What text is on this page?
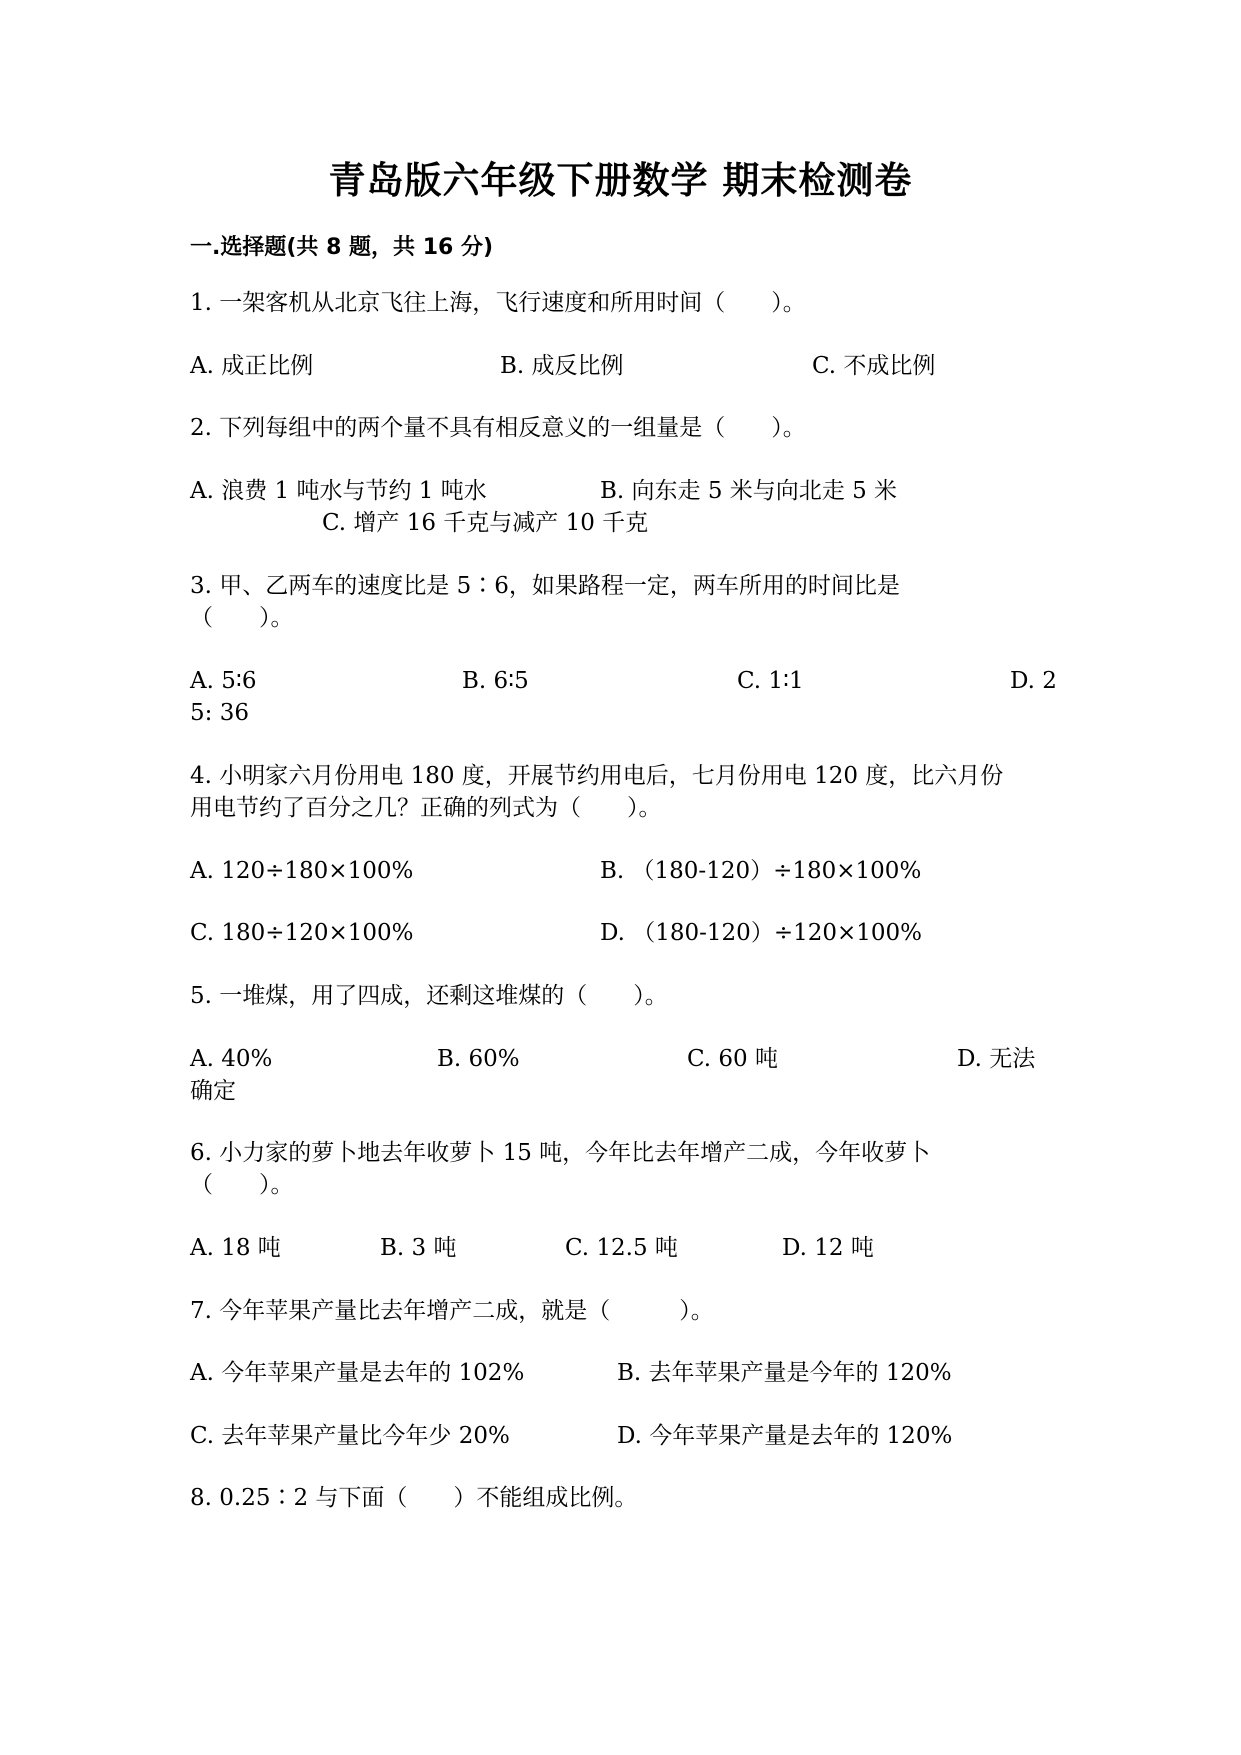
青岛版六年级下册数学 期末检测卷
一.选择题(共 8 题，共 16 分)
1. 一架客机从北京飞往上海，飞行速度和所用时间（　　）。
A. 成正比例	B. 成反比例	C. 不成比例
2. 下列每组中的两个量不具有相反意义的一组量是（　　）。
A. 浪费 1 吨水与节约 1 吨水	B. 向东走 5 米与向北走 5 米
C. 增产 16 千克与减产 10 千克
3. 甲、乙两车的速度比是 5∶6，如果路程一定，两车所用的时间比是
（　　）。
A. 5∶6	B. 6∶5	C. 1∶1	D. 2
5: 36
4. 小明家六月份用电 180 度，开展节约用电后，七月份用电 120 度，比六月份
用电节约了百分之几？正确的列式为（　　）。
A. 120÷180×100%	B. （180-120）÷180×100%
C. 180÷120×100%	D. （180-120）÷120×100%
5. 一堆煤，用了四成，还剩这堆煤的（　　）。
A. 40%	B. 60%	C. 60 吨	D. 无法
确定
6. 小力家的萝卜地去年收萝卜 15 吨，今年比去年增产二成，今年收萝卜
（　　）。
A. 18 吨	B. 3 吨	C. 12.5 吨	D. 12 吨
7. 今年苹果产量比去年增产二成，就是（　　　）。
A. 今年苹果产量是去年的 102%	B. 去年苹果产量是今年的 120%
C. 去年苹果产量比今年少 20%	D. 今年苹果产量是去年的 120%
8. 0.25∶2 与下面（　　）不能组成比例。
